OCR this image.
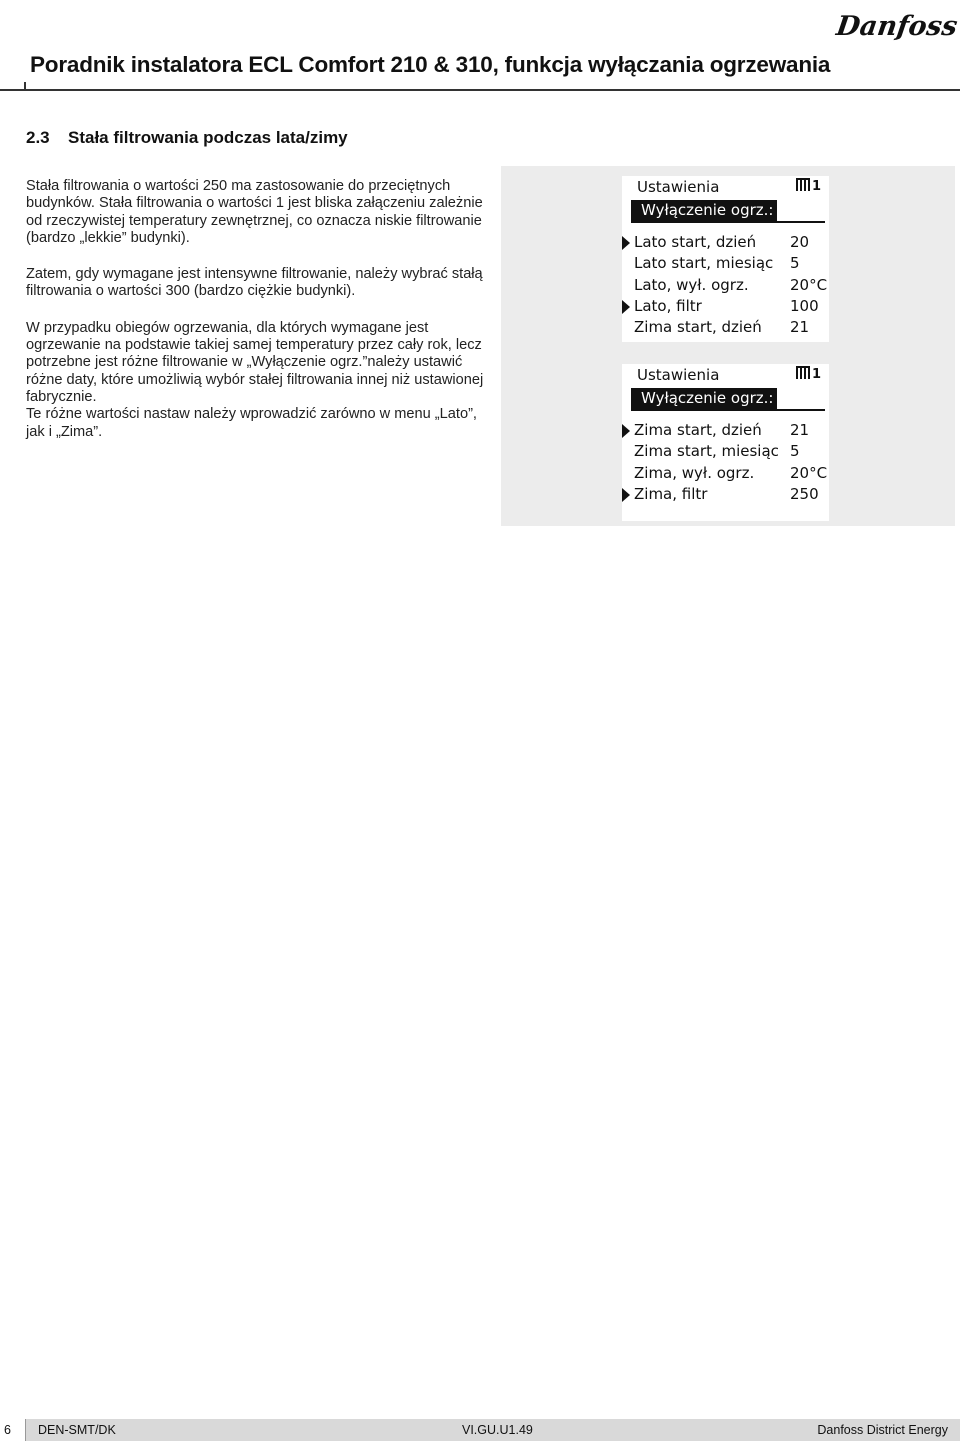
Danfoss
Poradnik instalatora ECL Comfort 210 & 310, funkcja wyłączania ogrzewania
2.3 Stała filtrowania podczas lata/zimy

Stała filtrowania o wartości 250 ma zastosowanie do przeciętnych budynków. Stała filtrowania o wartości 1 jest bliska załączeniu zależnie od rzeczywistej temperatury zewnętrznej, co oznacza niskie filtrowanie (bardzo „lekkie” budynki).

Zatem, gdy wymagane jest intensywne filtrowanie, należy wybrać stałą filtrowania o wartości 300 (bardzo ciężkie budynki).

W przypadku obiegów ogrzewania, dla których wymagane jest ogrzewanie na podstawie takiej samej temperatury przez cały rok, lecz potrzebne jest różne filtrowanie w „Wyłączenie ogrz.”należy ustawić różne daty, które umożliwią wybór stałej filtrowania innej niż ustawionej fabrycznie.
Te różne wartości nastaw należy wprowadzić zarówno w menu „Lato”, jak i „Zima”.

Ustawienia	1
Wyłączenie ogrz.:
Lato start, dzień 20
Lato start, miesiąc 5
Lato, wył. ogrz.	20°C
Lato, filtr	100
Zima start, dzień 21
Ustawienia	1
Wyłączenie ogrz.:
Zima start, dzień 21
Zima start, miesiąc 5
Zima, wył. ogrz. 20°C
Zima, filtr	250
6	DEN-SMT/DK	VI.GU.U1.49	Danfoss District Energy
